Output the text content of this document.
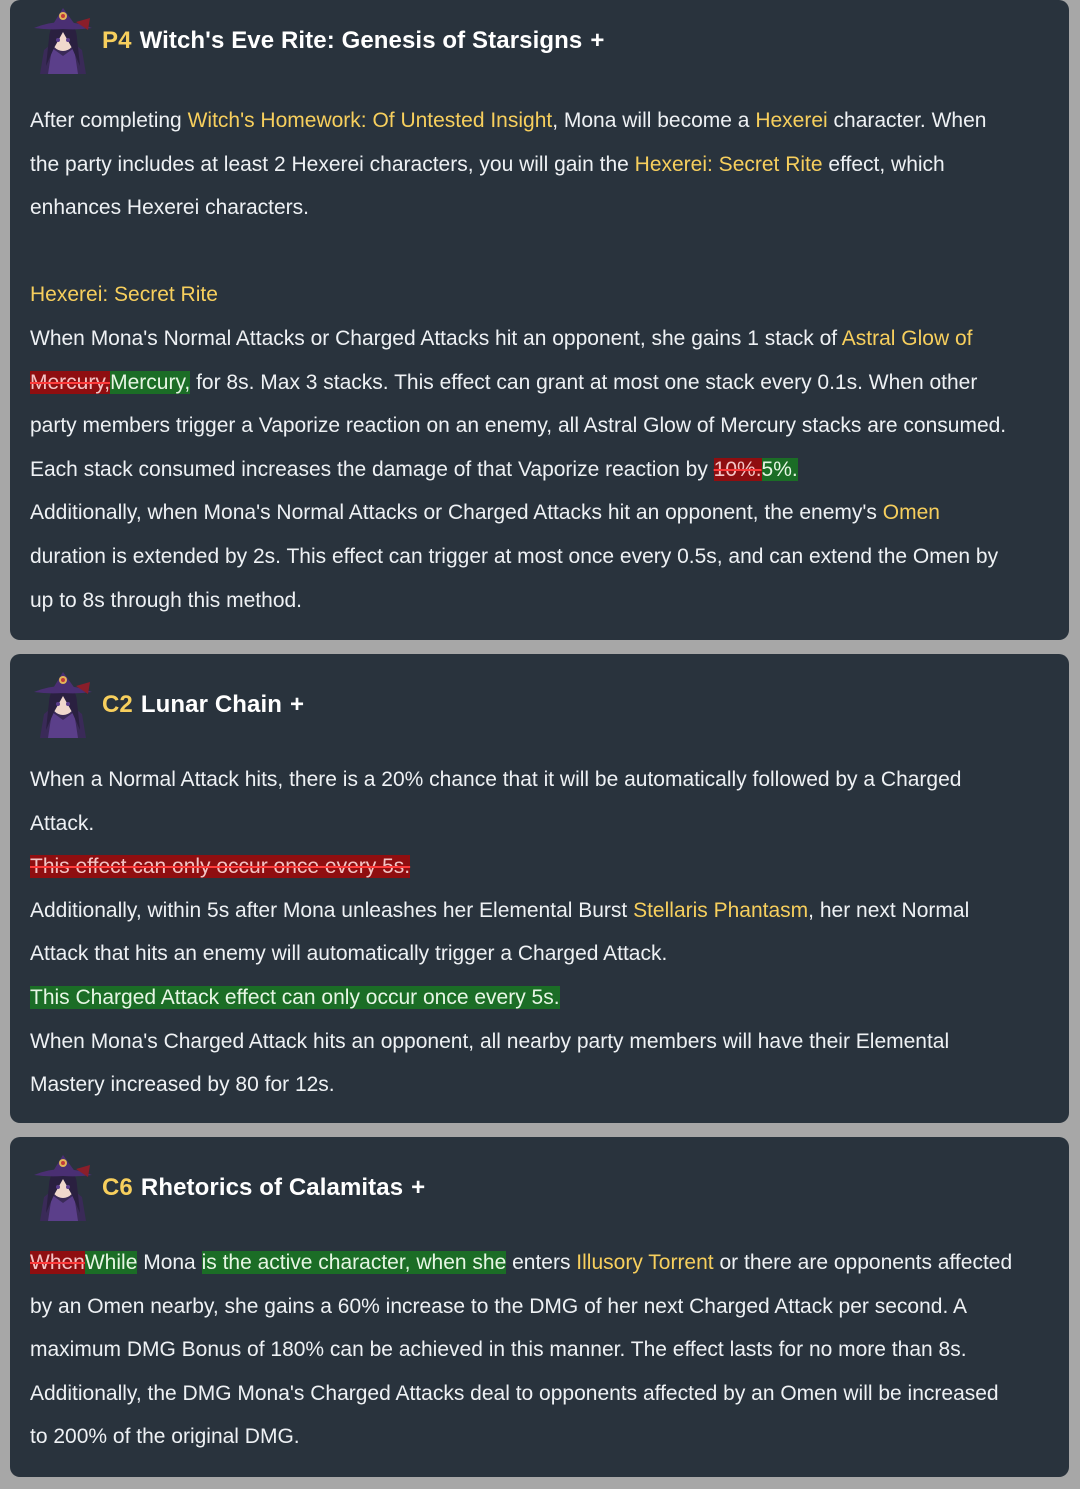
P4 Witch's Eve Rite: Genesis of Starsigns +
After completing Witch's Homework: Of Untested Insight, Mona will become a Hexerei character. When
the party includes at least 2 Hexerei characters, you will gain the Hexerei: Secret Rite effect, which
enhances Hexerei characters.
Hexerei: Secret Rite
When Mona's Normal Attacks or Charged Attacks hit an opponent, she gains 1 stack of Astral Glow of
Mercury,Mercury, for 8s. Max 3 stacks. This effect can grant at most one stack every 0.1s. When other
party members trigger a Vaporize reaction on an enemy, all Astral Glow of Mercury stacks are consumed.
Each stack consumed increases the damage of that Vaporize reaction by 10%.5%.
Additionally, when Mona's Normal Attacks or Charged Attacks hit an opponent, the enemy's Omen
duration is extended by 2s. This effect can trigger at most once every 0.5s, and can extend the Omen by
up to 8s through this method.
C2 Lunar Chain +
When a Normal Attack hits, there is a 20% chance that it will be automatically followed by a Charged
Attack.
This effect can only occur once every 5s.
Additionally, within 5s after Mona unleashes her Elemental Burst Stellaris Phantasm, her next Normal
Attack that hits an enemy will automatically trigger a Charged Attack.
This Charged Attack effect can only occur once every 5s.
When Mona's Charged Attack hits an opponent, all nearby party members will have their Elemental
Mastery increased by 80 for 12s.
C6 Rhetorics of Calamitas +
WhenWhile Mona is the active character, when she enters Illusory Torrent or there are opponents affected
by an Omen nearby, she gains a 60% increase to the DMG of her next Charged Attack per second. A
maximum DMG Bonus of 180% can be achieved in this manner. The effect lasts for no more than 8s.
Additionally, the DMG Mona's Charged Attacks deal to opponents affected by an Omen will be increased
to 200% of the original DMG.
